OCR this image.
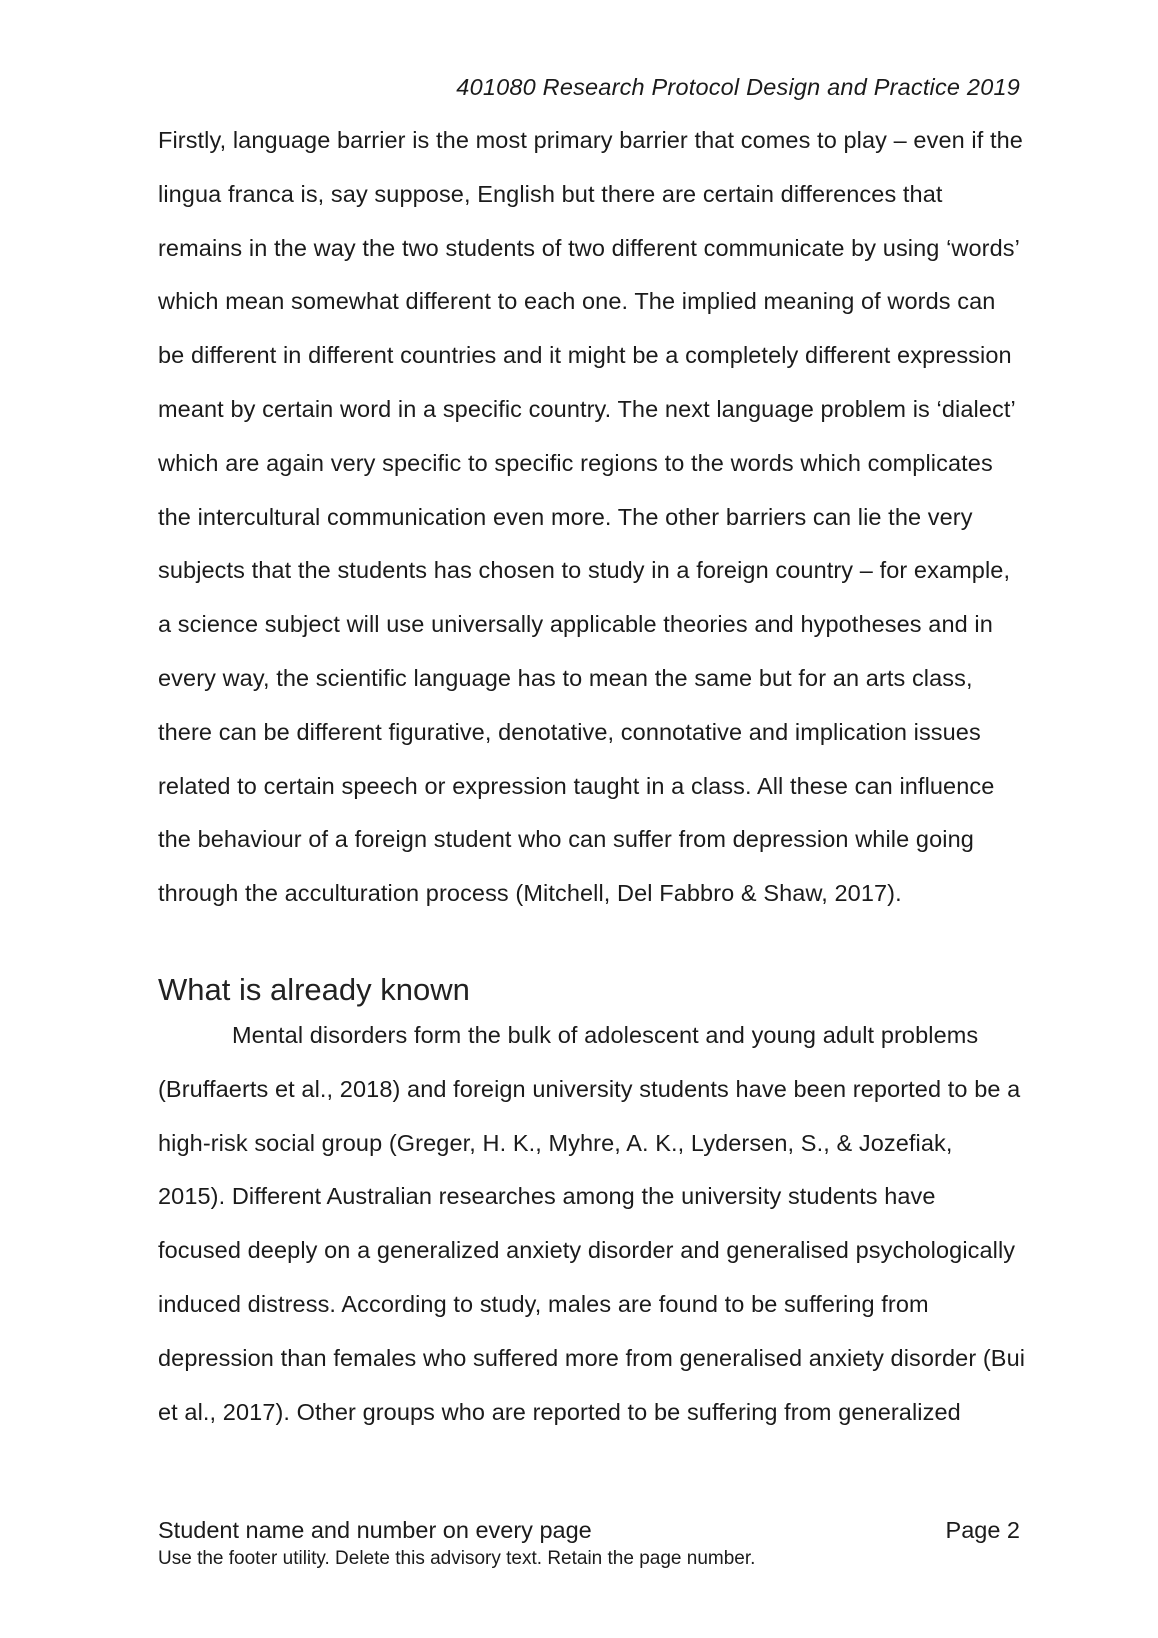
401080 Research Protocol Design and Practice 2019
Firstly, language barrier is the most primary barrier that comes to play – even if the
lingua franca is, say suppose, English but there are certain differences that
remains in the way the two students of two different communicate by using ‘words’
which mean somewhat different to each one. The implied meaning of words can
be different in different countries and it might be a completely different expression
meant by certain word in a specific country. The next language problem is ‘dialect’
which are again very specific to specific regions to the words which complicates
the intercultural communication even more. The other barriers can lie the very
subjects that the students has chosen to study in a foreign country – for example,
a science subject will use universally applicable theories and hypotheses and in
every way, the scientific language has to mean the same but for an arts class,
there can be different figurative, denotative, connotative and implication issues
related to certain speech or expression taught in a class. All these can influence
the behaviour of a foreign student who can suffer from depression while going
through the acculturation process (Mitchell, Del Fabbro & Shaw, 2017).
What is already known
Mental disorders form the bulk of adolescent and young adult problems
(Bruffaerts et al., 2018) and foreign university students have been reported to be a
high-risk social group (Greger, H. K., Myhre, A. K., Lydersen, S., & Jozefiak,
2015). Different Australian researches among the university students have
focused deeply on a generalized anxiety disorder and generalised psychologically
induced distress. According to study, males are found to be suffering from
depression than females who suffered more from generalised anxiety disorder (Bui
et al., 2017). Other groups who are reported to be suffering from generalized
Student name and number on every page	Page 2
Use the footer utility. Delete this advisory text. Retain the page number.
